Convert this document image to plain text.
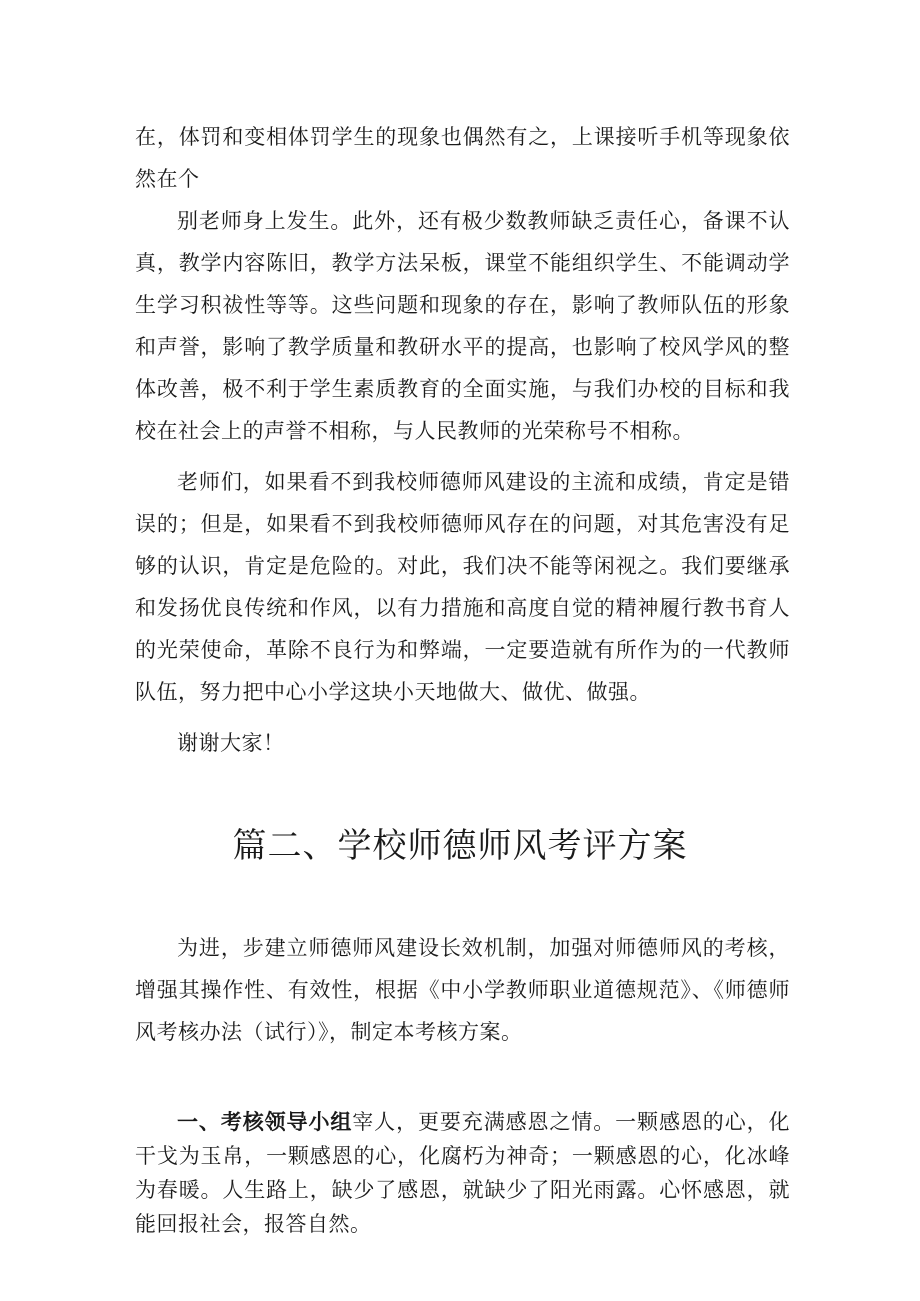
在，体罚和变相体罚学生的现象也偶然有之，上课接听手机等现象依然在个

别老师身上发生。此外，还有极少数教师缺乏责任心，备课不认真，教学内容陈旧，教学方法呆板，课堂不能组织学生、不能调动学生学习积祓性等等。这些问题和现象的存在，影响了教师队伍的形象和声誉，影响了教学质量和教研水平的提高，也影响了校风学风的整体改善，极不利于学生素质教育的全面实施，与我们办校的目标和我校在社会上的声誉不相称，与人民教师的光荣称号不相称。

老师们，如果看不到我校师德师风建设的主流和成绩，肯定是错误的；但是，如果看不到我校师德师风存在的问题，对其危害没有足够的认识，肯定是危险的。对此，我们决不能等闲视之。我们要继承和发扬优良传统和作风，以有力措施和高度自觉的精神履行教书育人的光荣使命，革除不良行为和弊端，一定要造就有所作为的一代教师队伍，努力把中心小学这块小天地做大、做优、做强。

谢谢大家！

篇二、学校师德师风考评方案

为进，步建立师德师风建设长效机制，加强对师德师风的考核，增强其操作性、有效性，根据《中小学教师职业道德规范》、《师德师风考核办法（试行）》，制定本考核方案。

一、考核领导小组宰人，更要充满感恩之情。一颗感恩的心，化干戈为玉帛，一颗感恩的心，化腐朽为神奇；一颗感恩的心，化冰峰为春暖。人生路上，缺少了感恩，就缺少了阳光雨露。心怀感恩，就能回报社会，报答自然。
